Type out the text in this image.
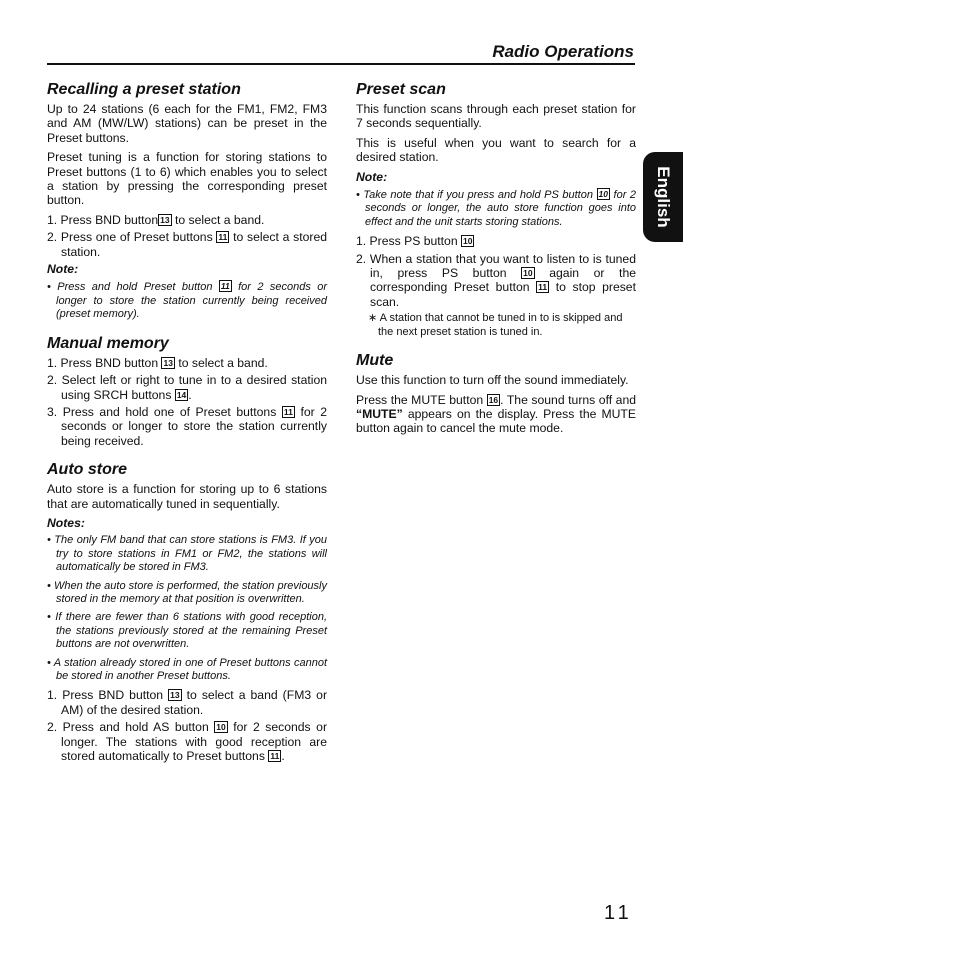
Radio Operations
English
Recalling a preset station

Up to 24 stations (6 each for the FM1, FM2, FM3 and AM (MW/LW) stations) can be preset in the Preset buttons.

Preset tuning is a function for storing stations to Preset buttons (1 to 6) which enables you to select a station by pressing the corresponding preset button.

1. Press BND button 13 to select a band.
2. Press one of Preset buttons 11 to select a stored station.
Note:
• Press and hold Preset button 11 for 2 seconds or longer to store the station currently being received (preset memory).
Manual memory
1. Press BND button 13 to select a band.
2. Select left or right to tune in to a desired station using SRCH buttons 14 .
3. Press and hold one of Preset buttons 11 for 2 seconds or longer to store the station currently being received.
Auto store

Auto store is a function for storing up to 6 stations that are automatically tuned in sequentially.

Notes:
• The only FM band that can store stations is FM3. If you try to store stations in FM1 or FM2, the stations will automatically be stored in FM3.
• When the auto store is performed, the station previously stored in the memory at that position is overwritten.
• If there are fewer than 6 stations with good reception, the stations previously stored at the remaining Preset buttons are not overwritten.
• A station already stored in one of Preset buttons cannot be stored in another Preset buttons.
1. Press BND button 13 to select a band (FM3 or AM) of the desired station.
2. Press and hold AS button 10 for 2 seconds or longer. The stations with good reception are stored automatically to Preset buttons 11 .
Preset scan

This function scans through each preset station for 7 seconds sequentially.

This is useful when you want to search for a desired station.

Note:
• Take note that if you press and hold PS button 10 for 2 seconds or longer, the auto store function goes into effect and the unit starts storing stations.
1. Press PS button 10
2. When a station that you want to listen to is tuned in, press PS button 10 again or the corresponding Preset button 11 to stop preset scan.
∗ A station that cannot be tuned in to is skipped and the next preset station is tuned in.
Mute

Use this function to turn off the sound immediately.

Press the MUTE button 16 . The sound turns off and “MUTE” appears on the display. Press the MUTE button again to cancel the mute mode.

11
